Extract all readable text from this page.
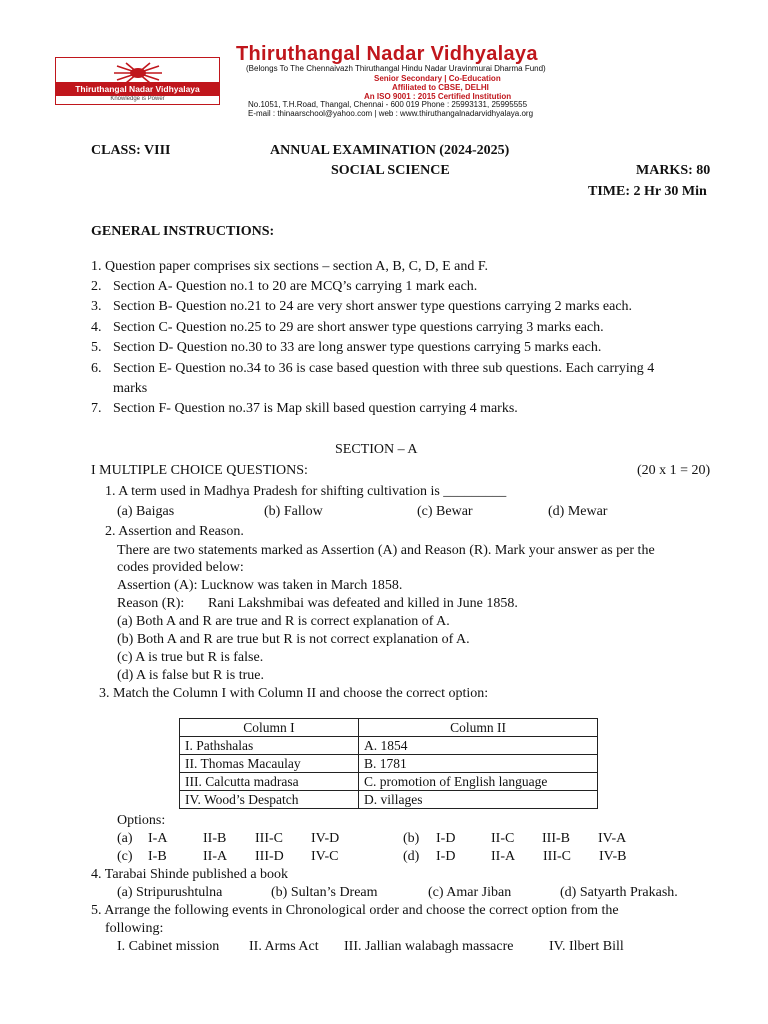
Thiruthangal Nadar Vidhyalaya
Knowledge is Power
Thiruthangal Nadar Vidhyalaya
(Belongs To The Chennaivazh Thiruthangal Hindu Nadar Uravinmurai Dharma Fund)
Senior Secondary | Co-Education
Affiliated to CBSE, DELHI
An ISO 9001 : 2015 Certified Institution
No.1051, T.H.Road, Thangal, Chennai - 600 019 Phone : 25993131, 25995555
E-mail : thinaarschool@yahoo.com | web : www.thiruthangalnadarvidhyalaya.org
CLASS: VIII	ANNUAL EXAMINATION (2024-2025)
SOCIAL SCIENCE	MARKS: 80
TIME: 2 Hr 30 Min
GENERAL INSTRUCTIONS:
1. Question paper comprises six sections – section A, B, C, D, E and F.
2. Section A- Question no.1 to 20 are MCQ’s carrying 1 mark each.
3. Section B- Question no.21 to 24 are very short answer type questions carrying 2 marks each.
4. Section C- Question no.25 to 29 are short answer type questions carrying 3 marks each.
5. Section D- Question no.30 to 33 are long answer type questions carrying 5 marks each.
6. Section E- Question no.34 to 36 is case based question with three sub questions. Each carrying 4
marks
7. Section F- Question no.37 is Map skill based question carrying 4 marks.
SECTION – A
I MULTIPLE CHOICE QUESTIONS:	(20 x 1 = 20)
1. A term used in Madhya Pradesh for shifting cultivation is _________
(a) Baigas	(b) Fallow	(c) Bewar	(d) Mewar
2. Assertion and Reason.
There are two statements marked as Assertion (A) and Reason (R). Mark your answer as per the
codes provided below:
Assertion (A): Lucknow was taken in March 1858.
Reason (R): Rani Lakshmibai was defeated and killed in June 1858.
(a) Both A and R are true and R is correct explanation of A.
(b) Both A and R are true but R is not correct explanation of A.
(c) A is true but R is false.
(d) A is false but R is true.
3. Match the Column I with Column II and choose the correct option:
Column I	Column II
I. Pathshalas	A. 1854
II. Thomas Macaulay	B. 1781
III. Calcutta madrasa	C. promotion of English language
IV. Wood’s Despatch	D. villages
Options:
(a) I-A	II-B III-C IV-D	(b) I-D	II-C III-B IV-A
(c) I-B	II-A III-D IV-C	(d) I-D	II-A III-C IV-B
4. Tarabai Shinde published a book
(a) Stripurushtulna	(b) Sultan’s Dream	(c) Amar Jiban	(d) Satyarth Prakash.
5. Arrange the following events in Chronological order and choose the correct option from the
following:
I. Cabinet mission II. Arms Act III. Jallian walabagh massacre	IV. Ilbert Bill
